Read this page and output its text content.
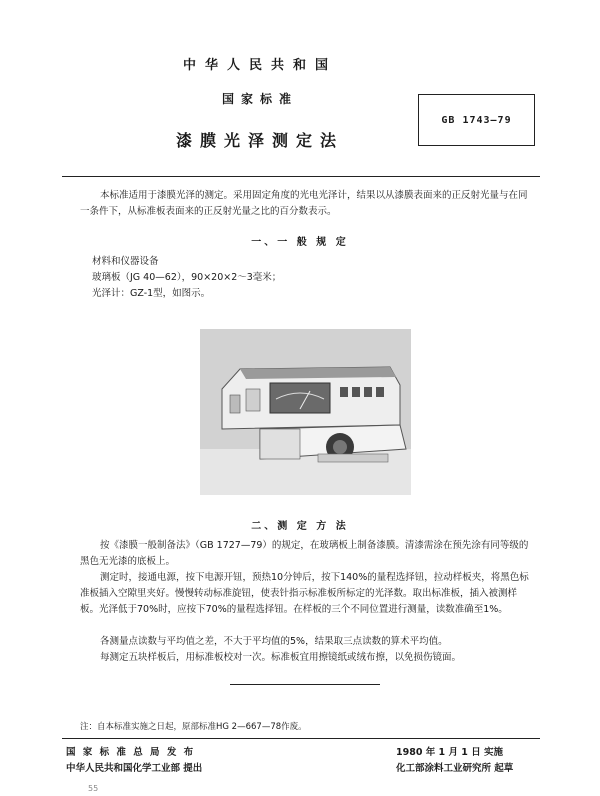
中华人民共和国
国家标准
漆膜光泽测定法
GB 1743—79
本标准适用于漆膜光泽的测定。采用固定角度的光电光泽计，结果以从漆膜表面来的正反射光量与在同一条件下，从标准板表面来的正反射光量之比的百分数表示。
一、一 般 规 定
材料和仪器设备
玻璃板（JG 40—62），90×20×2～3毫米；
光泽计：GZ-1型，如图示。
二、测 定 方 法
按《漆膜一般制备法》（GB 1727—79）的规定，在玻璃板上制备漆膜。清漆需涂在预先涂有同等级的黑色无光漆的底板上。
测定时，接通电源，按下电源开钮，预热10分钟后，按下140%的量程选择钮，拉动样板夹，将黑色标准板插入空隙里夹好。慢慢转动标准旋钮，使表针指示标准板所标定的光泽数。取出标准板，插入被测样板。光泽低于70%时，应按下70%的量程选择钮。在样板的三个不同位置进行测量，读数准确至1%。
各测量点读数与平均值之差，不大于平均值的5%，结果取三点读数的算术平均值。
每测定五块样板后，用标准板校对一次。标准板宜用擦镜纸或绒布擦，以免损伤镜面。
注：自本标准实施之日起，原部标准HG 2—667—78作废。
国 家 标 准 总 局 发 布
中华人民共和国化学工业部 提出
1980 年 1 月 1 日 实施
化工部涂料工业研究所 起草
55
